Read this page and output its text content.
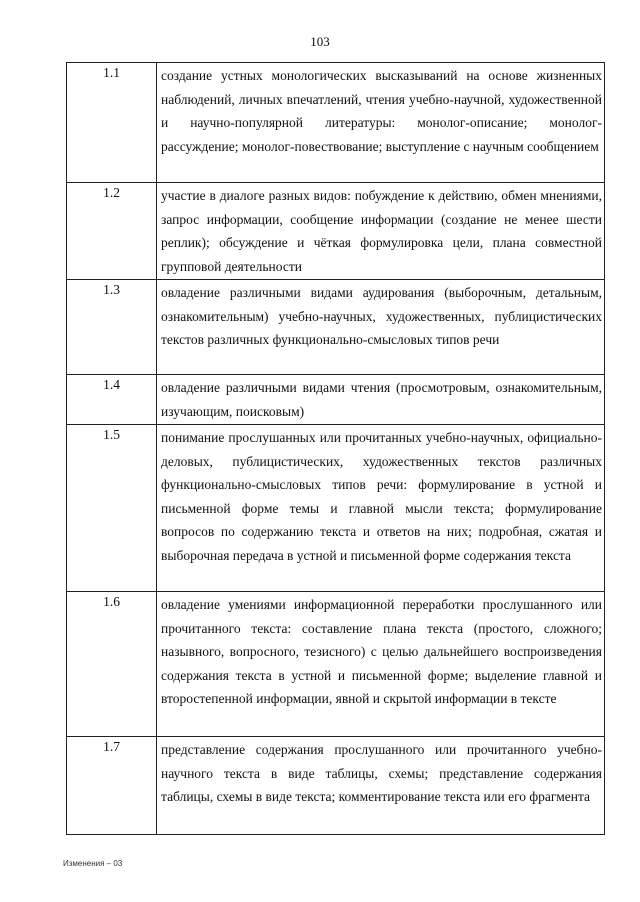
103
1.1	создание устных монологических высказываний на основе жизненных наблюдений, личных впечатлений, чтения учебно-научной, художественной и научно-популярной литературы: монолог-описание; монолог-рассуждение; монолог-повествование; выступление с научным сообщением
1.2	участие в диалоге разных видов: побуждение к действию, обмен мнениями, запрос информации, сообщение информации (создание не менее шести реплик); обсуждение и чёткая формулировка цели, плана совместной групповой деятельности
1.3	овладение различными видами аудирования (выборочным, детальным, ознакомительным) учебно-научных, художественных, публицистических текстов различных функционально-смысловых типов речи
1.4	овладение различными видами чтения (просмотровым, ознакомительным, изучающим, поисковым)
1.5	понимание прослушанных или прочитанных учебно-научных, официально-деловых, публицистических, художественных текстов различных функционально-смысловых типов речи: формулирование в устной и письменной форме темы и главной мысли текста; формулирование вопросов по содержанию текста и ответов на них; подробная, сжатая и выборочная передача в устной и письменной форме содержания текста
1.6	овладение умениями информационной переработки прослушанного или прочитанного текста: составление плана текста (простого, сложного; назывного, вопросного, тезисного) с целью дальнейшего воспроизведения содержания текста в устной и письменной форме; выделение главной и второстепенной информации, явной и скрытой информации в тексте
1.7	представление содержания прослушанного или прочитанного учебно-научного текста в виде таблицы, схемы; представление содержания таблицы, схемы в виде текста; комментирование текста или его фрагмента
Изменения – 03
